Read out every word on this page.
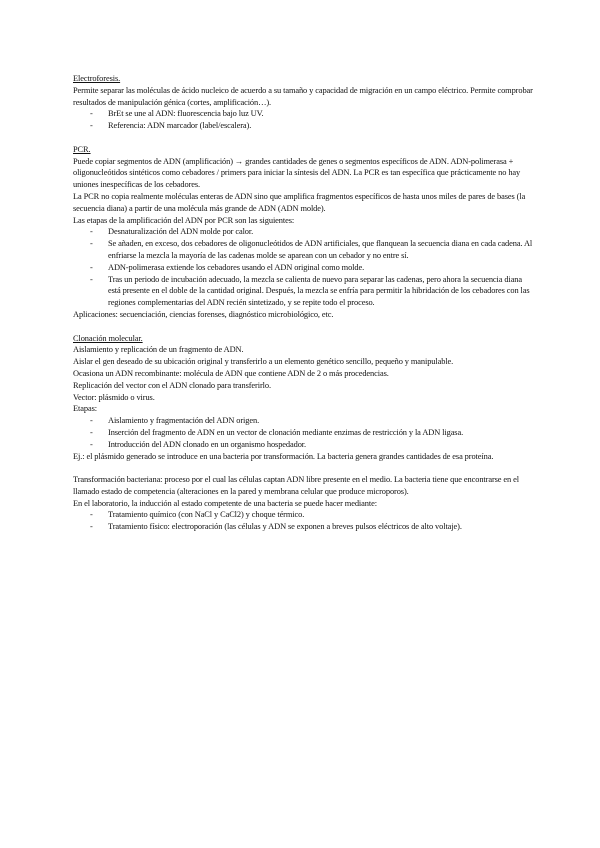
Electroforesis.

Permite separar las moléculas de ácido nucleico de acuerdo a su tamaño y capacidad de migración en un campo eléctrico. Permite comprobar resultados de manipulación génica (cortes, amplificación…).

- BrEt se une al ADN: fluorescencia bajo luz UV.
- Referencia: ADN marcador (label/escalera).

PCR.

Puede copiar segmentos de ADN (amplificación) → grandes cantidades de genes o segmentos específicos de ADN. ADN-polimerasa + oligonucleótidos sintéticos como cebadores / primers para iniciar la síntesis del ADN. La PCR es tan específica que prácticamente no hay uniones inespecíficas de los cebadores.

La PCR no copia realmente moléculas enteras de ADN sino que amplifica fragmentos específicos de hasta unos miles de pares de bases (la secuencia diana) a partir de una molécula más grande de ADN (ADN molde).

Las etapas de la amplificación del ADN por PCR son las siguientes:

- Desnaturalización del ADN molde por calor.
- Se añaden, en exceso, dos cebadores de oligonucleótidos de ADN artificiales, que flanquean la secuencia diana en cada cadena. Al enfriarse la mezcla la mayoría de las cadenas molde se aparean con un cebador y no entre sí.
- ADN-polimerasa extiende los cebadores usando el ADN original como molde.
- Tras un periodo de incubación adecuado, la mezcla se calienta de nuevo para separar las cadenas, pero ahora la secuencia diana está presente en el doble de la cantidad original. Después, la mezcla se enfría para permitir la hibridación de los cebadores con las regiones complementarias del ADN recién sintetizado, y se repite todo el proceso.

Aplicaciones: secuenciación, ciencias forenses, diagnóstico microbiológico, etc.

Clonación molecular.

Aislamiento y replicación de un fragmento de ADN.

Aislar el gen deseado de su ubicación original y transferirlo a un elemento genético sencillo, pequeño y manipulable.

Ocasiona un ADN recombinante: molécula de ADN que contiene ADN de 2 o más procedencias.

Replicación del vector con el ADN clonado para transferirlo.

Vector: plásmido o virus.

Etapas:

- Aislamiento y fragmentación del ADN origen.
- Inserción del fragmento de ADN en un vector de clonación mediante enzimas de restricción y la ADN ligasa.
- Introducción del ADN clonado en un organismo hospedador.

Ej.: el plásmido generado se introduce en una bacteria por transformación. La bacteria genera grandes cantidades de esa proteína.

Transformación bacteriana: proceso por el cual las células captan ADN libre presente en el medio. La bacteria tiene que encontrarse en el llamado estado de competencia (alteraciones en la pared y membrana celular que produce microporos).

En el laboratorio, la inducción al estado competente de una bacteria se puede hacer mediante:

- Tratamiento químico (con NaCl y CaCl2) y choque térmico.
- Tratamiento físico: electroporación (las células y ADN se exponen a breves pulsos eléctricos de alto voltaje).
